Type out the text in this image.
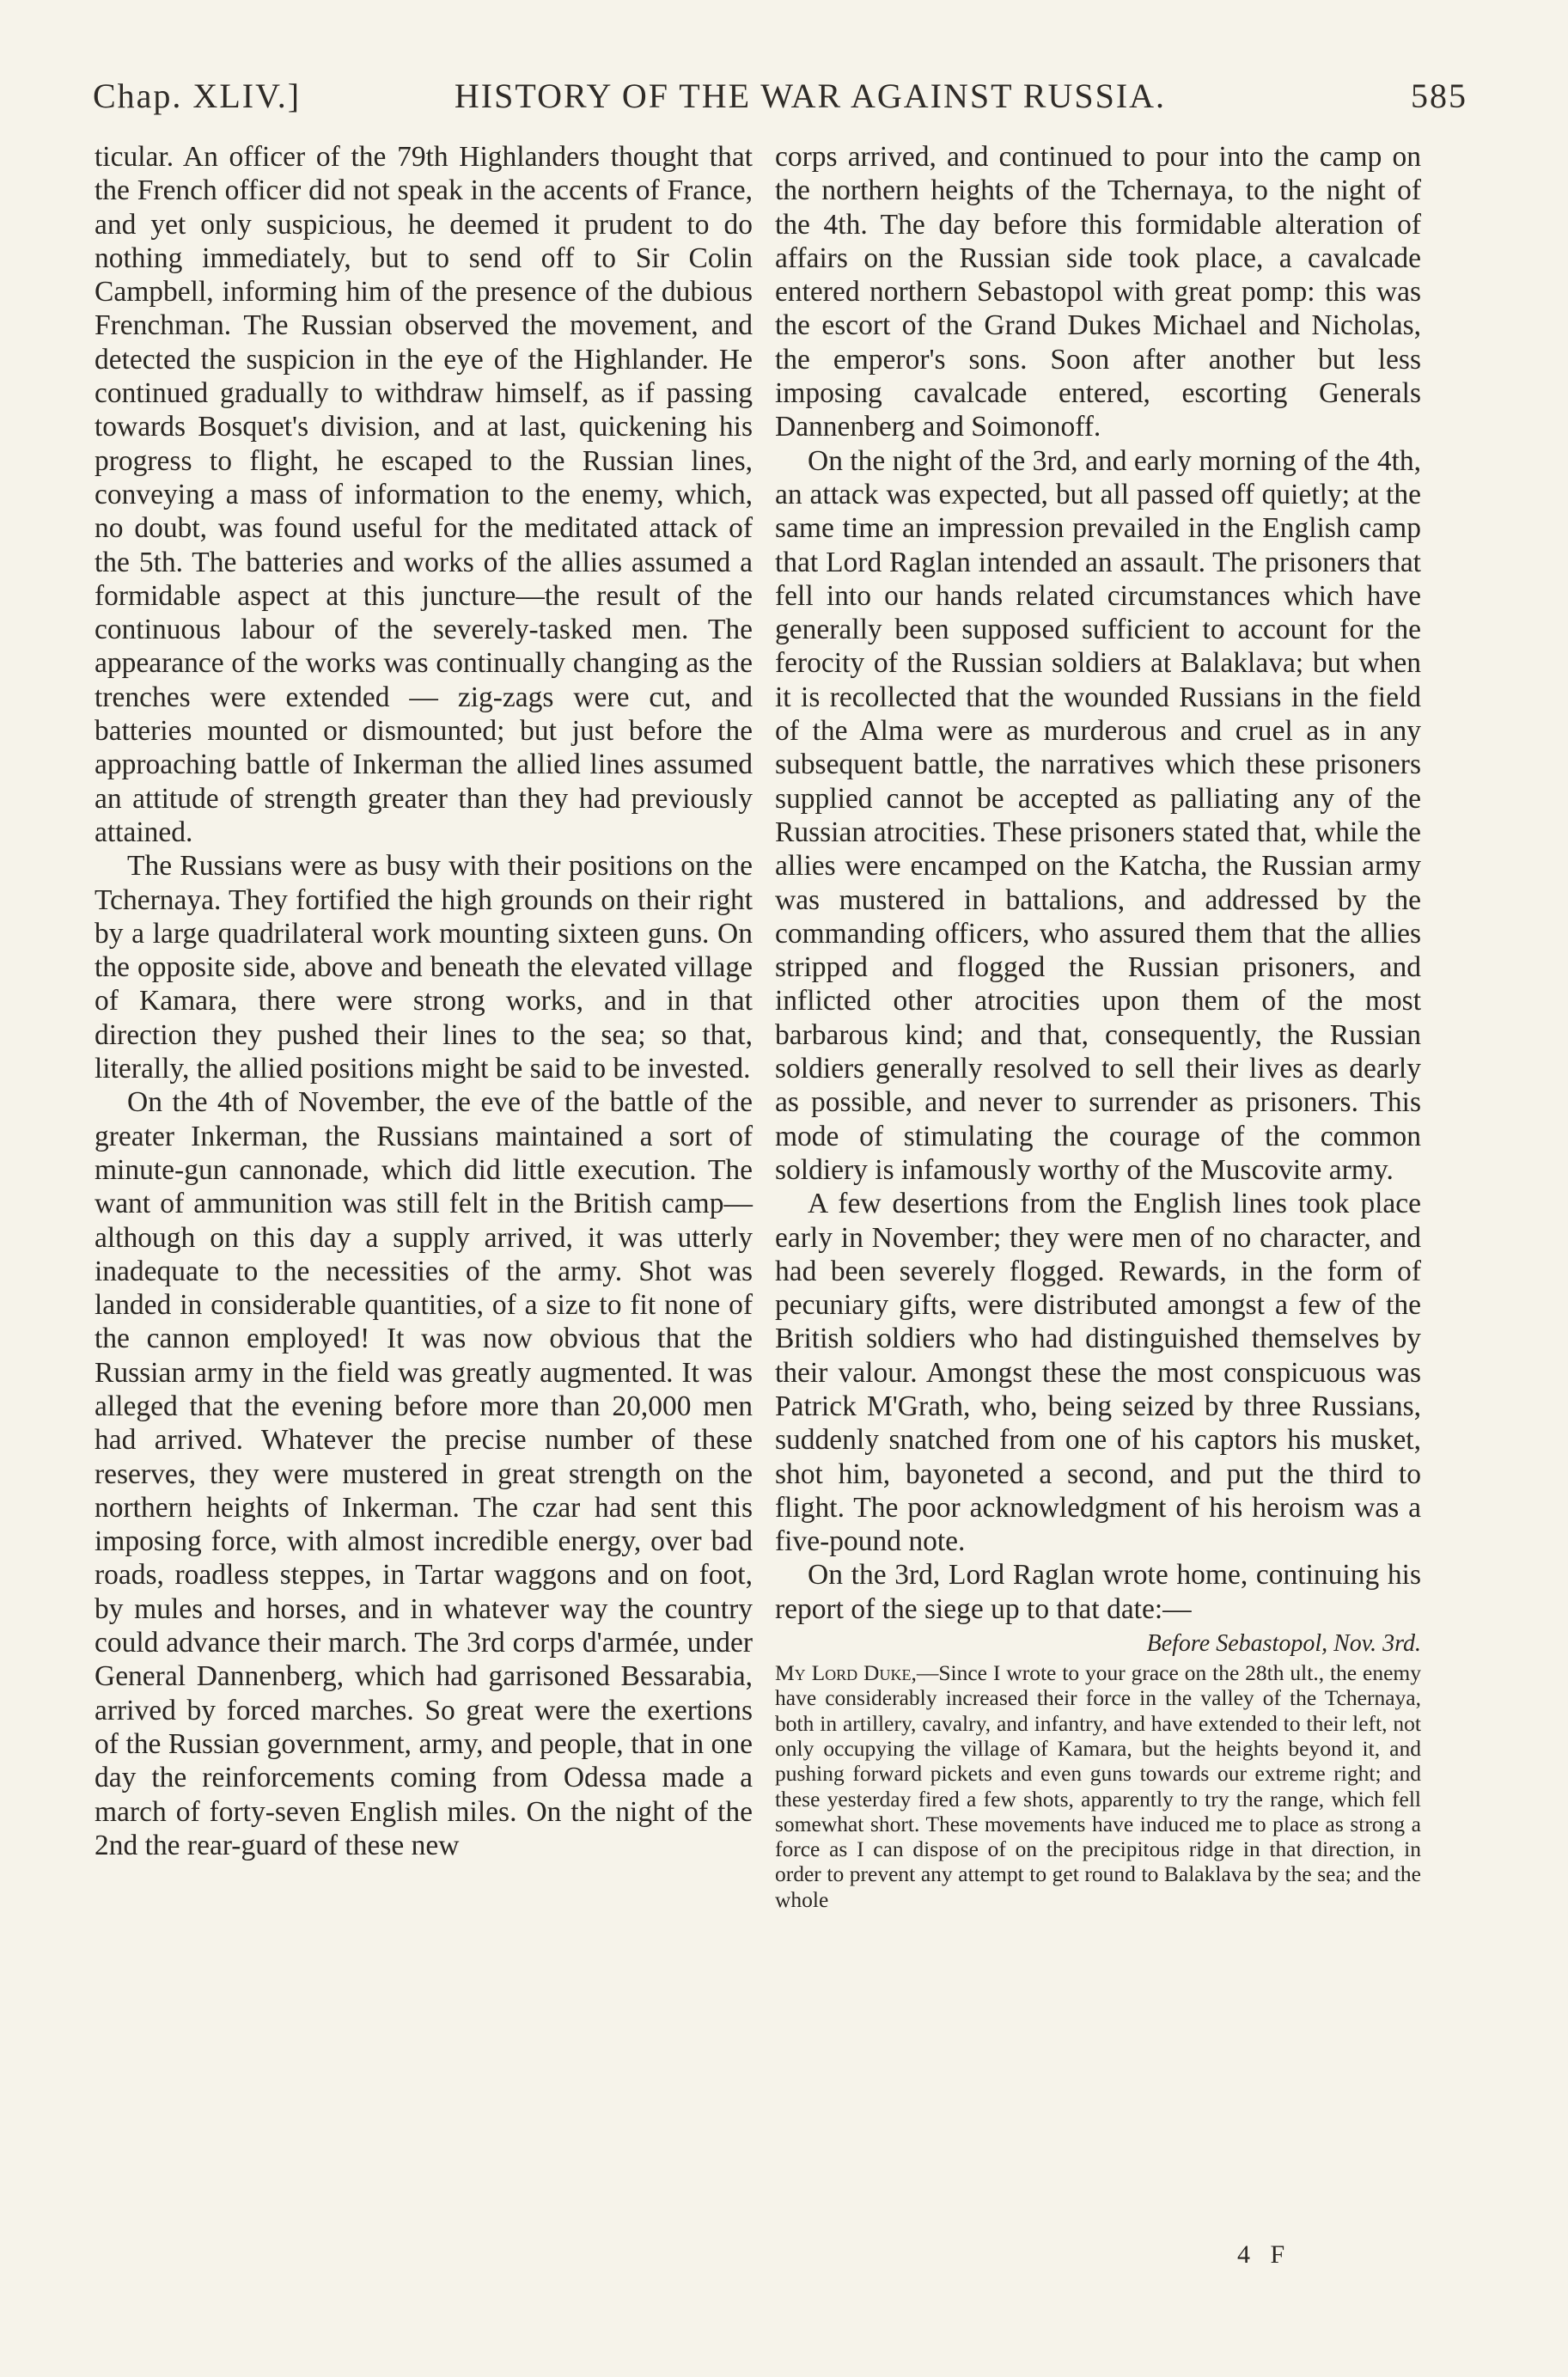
Chap. XLIV.]	HISTORY OF THE WAR AGAINST RUSSIA.	585

ticular. An officer of the 79th Highlanders thought that the French officer did not speak in the accents of France, and yet only suspicious, he deemed it prudent to do nothing immediately, but to send off to Sir Colin Campbell, informing him of the presence of the dubious Frenchman. The Russian observed the movement, and detected the suspicion in the eye of the Highlander. He continued gradually to withdraw himself, as if passing towards Bosquet's division, and at last, quickening his progress to flight, he escaped to the Russian lines, conveying a mass of information to the enemy, which, no doubt, was found useful for the meditated attack of the 5th. The batteries and works of the allies assumed a formidable aspect at this juncture—the result of the continuous labour of the severely-tasked men. The appearance of the works was continually changing as the trenches were extended — zig-zags were cut, and batteries mounted or dismounted; but just before the approaching battle of Inkerman the allied lines assumed an attitude of strength greater than they had previously attained.

The Russians were as busy with their positions on the Tchernaya. They fortified the high grounds on their right by a large quadrilateral work mounting sixteen guns. On the opposite side, above and beneath the elevated village of Kamara, there were strong works, and in that direction they pushed their lines to the sea; so that, literally, the allied positions might be said to be invested.

On the 4th of November, the eve of the battle of the greater Inkerman, the Russians maintained a sort of minute-gun cannonade, which did little execution. The want of ammunition was still felt in the British camp—although on this day a supply arrived, it was utterly inadequate to the necessities of the army. Shot was landed in considerable quantities, of a size to fit none of the cannon employed! It was now obvious that the Russian army in the field was greatly augmented. It was alleged that the evening before more than 20,000 men had arrived. Whatever the precise number of these reserves, they were mustered in great strength on the northern heights of Inkerman. The czar had sent this imposing force, with almost incredible energy, over bad roads, roadless steppes, in Tartar waggons and on foot, by mules and horses, and in whatever way the country could advance their march. The 3rd corps d'armée, under General Dannenberg, which had garrisoned Bessarabia, arrived by forced marches. So great were the exertions of the Russian government, army, and people, that in one day the reinforcements coming from Odessa made a march of forty-seven English miles. On the night of the 2nd the rear-guard of these new

corps arrived, and continued to pour into the camp on the northern heights of the Tchernaya, to the night of the 4th. The day before this formidable alteration of affairs on the Russian side took place, a cavalcade entered northern Sebastopol with great pomp: this was the escort of the Grand Dukes Michael and Nicholas, the emperor's sons. Soon after another but less imposing cavalcade entered, escorting Generals Dannenberg and Soimonoff.

On the night of the 3rd, and early morning of the 4th, an attack was expected, but all passed off quietly; at the same time an impression prevailed in the English camp that Lord Raglan intended an assault. The prisoners that fell into our hands related circumstances which have generally been supposed sufficient to account for the ferocity of the Russian soldiers at Balaklava; but when it is recollected that the wounded Russians in the field of the Alma were as murderous and cruel as in any subsequent battle, the narratives which these prisoners supplied cannot be accepted as palliating any of the Russian atrocities. These prisoners stated that, while the allies were encamped on the Katcha, the Russian army was mustered in battalions, and addressed by the commanding officers, who assured them that the allies stripped and flogged the Russian prisoners, and inflicted other atrocities upon them of the most barbarous kind; and that, consequently, the Russian soldiers generally resolved to sell their lives as dearly as possible, and never to surrender as prisoners. This mode of stimulating the courage of the common soldiery is infamously worthy of the Muscovite army.

A few desertions from the English lines took place early in November; they were men of no character, and had been severely flogged. Rewards, in the form of pecuniary gifts, were distributed amongst a few of the British soldiers who had distinguished themselves by their valour. Amongst these the most conspicuous was Patrick M'Grath, who, being seized by three Russians, suddenly snatched from one of his captors his musket, shot him, bayoneted a second, and put the third to flight. The poor acknowledgment of his heroism was a five-pound note.

On the 3rd, Lord Raglan wrote home, continuing his report of the siege up to that date:—

Before Sebastopol, Nov. 3rd.
My Lord Duke,—Since I wrote to your grace on the 28th ult., the enemy have considerably increased their force in the valley of the Tchernaya, both in artillery, cavalry, and infantry, and have extended to their left, not only occupying the village of Kamara, but the heights beyond it, and pushing forward pickets and even guns towards our extreme right; and these yesterday fired a few shots, apparently to try the range, which fell somewhat short. These movements have induced me to place as strong a force as I can dispose of on the precipitous ridge in that direction, in order to prevent any attempt to get round to Balaklava by the sea; and the whole
4 F
